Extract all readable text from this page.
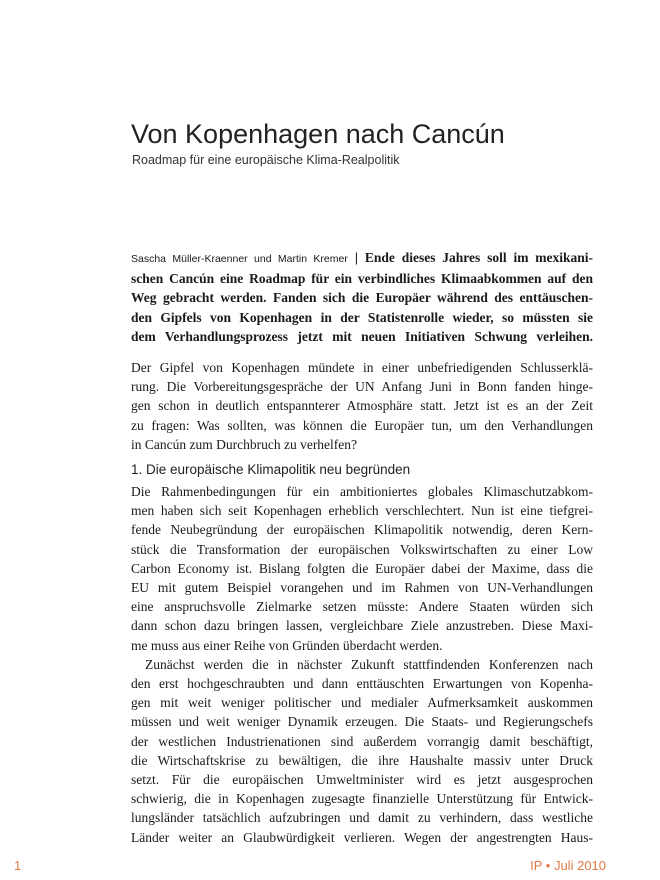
Von Kopenhagen nach Cancún
Roadmap für eine europäische Klima-Realpolitik
Sascha Müller-Kraenner und Martin Kremer | Ende dieses Jahres soll im mexikani-
schen Cancún eine Roadmap für ein verbindliches Klimaabkommen auf den
Weg gebracht werden. Fanden sich die Europäer während des enttäuschen-
den Gipfels von Kopenhagen in der Statistenrolle wieder, so müssten sie
dem Verhandlungsprozess jetzt mit neuen Initiativen Schwung verleihen.
Der Gipfel von Kopenhagen mündete in einer unbefriedigenden Schlusserklä-
rung. Die Vorbereitungsgespräche der UN Anfang Juni in Bonn fanden hinge-
gen schon in deutlich entspannterer Atmosphäre statt. Jetzt ist es an der Zeit
zu fragen: Was sollten, was können die Europäer tun, um den Verhandlungen
in Cancún zum Durchbruch zu verhelfen?
1. Die europäische Klimapolitik neu begründen
Die Rahmenbedingungen für ein ambitioniertes globales Klimaschutzabkom-
men haben sich seit Kopenhagen erheblich verschlechtert. Nun ist eine tiefgrei-
fende Neubegründung der europäischen Klimapolitik notwendig, deren Kern-
stück die Transformation der europäischen Volkswirtschaften zu einer Low
Carbon Economy ist. Bislang folgten die Europäer dabei der Maxime, dass die
EU mit gutem Beispiel vorangehen und im Rahmen von UN-Verhandlungen
eine anspruchsvolle Zielmarke setzen müsste: Andere Staaten würden sich
dann schon dazu bringen lassen, vergleichbare Ziele anzustreben. Diese Maxi-
me muss aus einer Reihe von Gründen überdacht werden.
Zunächst werden die in nächster Zukunft stattfindenden Konferenzen nach
den erst hochgeschraubten und dann enttäuschten Erwartungen von Kopenha-
gen mit weit weniger politischer und medialer Aufmerksamkeit auskommen
müssen und weit weniger Dynamik erzeugen. Die Staats- und Regierungschefs
der westlichen Industrienationen sind außerdem vorrangig damit beschäftigt,
die Wirtschaftskrise zu bewältigen, die ihre Haushalte massiv unter Druck
setzt. Für die europäischen Umweltminister wird es jetzt ausgesprochen
schwierig, die in Kopenhagen zugesagte finanzielle Unterstützung für Entwick-
lungsländer tatsächlich aufzubringen und damit zu verhindern, dass westliche
Länder weiter an Glaubwürdigkeit verlieren. Wegen der angestrengten Haus-
1	IP • Juli 2010
